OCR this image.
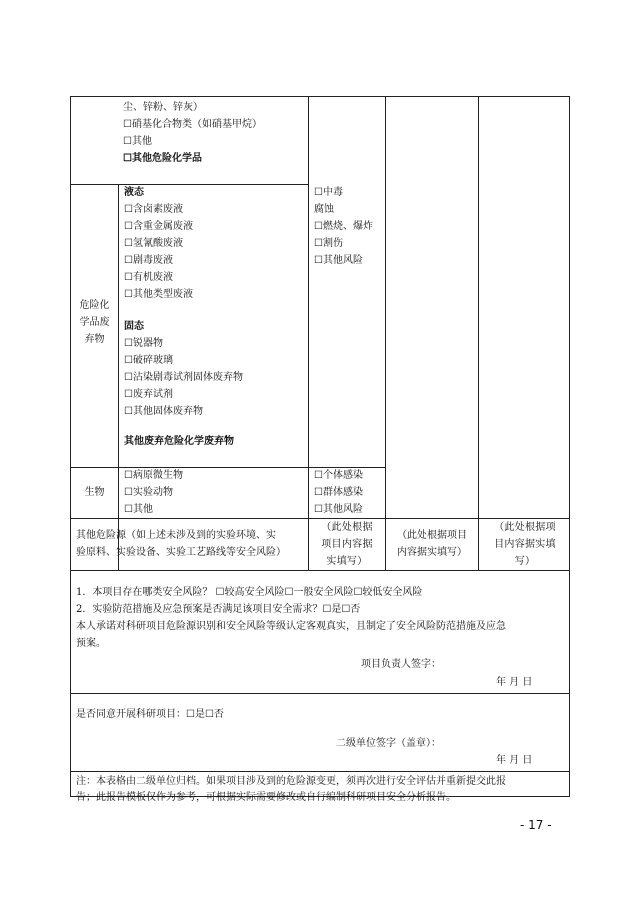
尘、锌粉、锌灰）
☐硝基化合物类（如硝基甲烷）
☐其他
☐其他危险化学品
危险化
学品废
弃物
液态
☐含卤素废液
☐含重金属废液
☐氢氰酸废液
☐剧毒废液
☐有机废液
☐其他类型废液
固态
☐锐器物
☐破碎玻璃
☐沾染剧毒试剂固体废弃物
☐废弃试剂
☐其他固体废弃物
其他废弃危险化学废弃物
☐中毒
腐蚀
☐燃烧、爆炸
☐割伤
☐其他风险
生物
☐病原微生物
☐实验动物
☐其他
☐个体感染
☐群体感染
☐其他风险
其他危险源（如上述未涉及到的实验环境、实
验原料、实验设备、实验工艺路线等安全风险）
（此处根据
项目内容据
实填写）
（此处根据项目
内容据实填写）
（此处根据项
目内容据实填
写）
1．本项目存在哪类安全风险？ ☐较高安全风险☐一般安全风险☐较低安全风险
2．实验防范措施及应急预案是否满足该项目安全需求？☐是☐否
本人承诺对科研项目危险源识别和安全风险等级认定客观真实，且制定了安全风险防范措施及应急
预案。
项目负责人签字：
年 月 日
是否同意开展科研项目：☐是☐否
二级单位签字（盖章）：
年 月 日
注：本表格由二级单位归档。如果项目涉及到的危险源变更，须再次进行安全评估并重新提交此报
告；此报告模板仅作为参考，可根据实际需要修改或自行编制科研项目安全分析报告。
- 17 -
